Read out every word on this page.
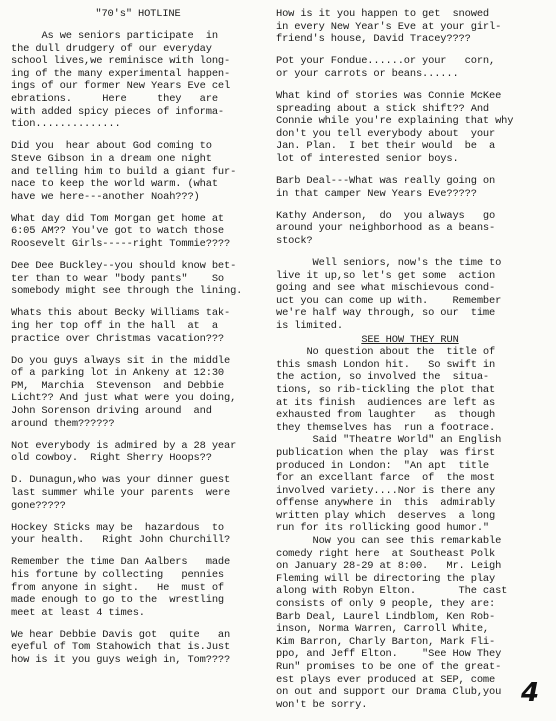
"70's" HOTLINE

As we seniors participate  in
the dull drudgery of our everyday
school lives,we reminisce with long-
ing of the many experimental happen-
ings of our former New Years Eve cel
ebrations.     Here     they   are
with added spicy pieces of informa-
tion..............

Did you  hear about God coming to
Steve Gibson in a dream one night
and telling him to build a giant fur-
nace to keep the world warm. (what
have we here---another Noah???)

What day did Tom Morgan get home at
6:05 AM?? You've got to watch those
Roosevelt Girls-----right Tommie????

Dee Dee Buckley--you should know bet-
ter than to wear "body pants"    So
somebody might see through the lining.

Whats this about Becky Williams tak-
ing her top off in the hall  at  a
practice over Christmas vacation???

Do you guys always sit in the middle
of a parking lot in Ankeny at 12:30
PM,  Marchia  Stevenson  and Debbie
Licht?? And just what were you doing,
John Sorenson driving around  and
around them??????

Not everybody is admired by a 28 year
old cowboy.  Right Sherry Hoops??

D. Dunagun,who was your dinner guest
last summer while your parents  were
gone?????

Hockey Sticks may be  hazardous  to
your health.   Right John Churchill?

Remember the time Dan Aalbers   made
his fortune by collecting   pennies
from anyone in sight.   He  must of
made enough to go to the  wrestling
meet at least 4 times.

We hear Debbie Davis got  quite   an
eyeful of Tom Stahowich that is.Just
how is it you guys weigh in, Tom????

How is it you happen to get  snowed
in every New Year's Eve at your girl-
friend's house, David Tracey????

Pot your Fondue......or your   corn,
or your carrots or beans......

What kind of stories was Connie McKee
spreading about a stick shift?? And
Connie while you're explaining that why
don't you tell everybody about  your
Jan. Plan.  I bet their would  be  a
lot of interested senior boys.

Barb Deal---What was really going on
in that camper New Years Eve?????

Kathy Anderson,  do  you always   go
around your neighborhood as a beans-
stock?

Well seniors, now's the time to
live it up,so let's get some  action
going and see what mischievous cond-
uct you can come up with.    Remember
we're half way through, so our  time
is limited.

SEE HOW THEY RUN

No question about the  title of
this smash London hit.   So swift in
the action, so involved the  situa-
tions, so rib-tickling the plot that
at its finish  audiences are left as
exhausted from laughter   as  though
they themselves has  run a footrace.
Said "Theatre World" an English
publication when the play  was first
produced in London:  "An apt  title
for an excellant farce  of  the most
involved variety....Nor is there any
offense anywhere in  this  admirably
written play which  deserves  a long
run for its rollicking good humor."
Now you can see this remarkable
comedy right here  at Southeast Polk
on January 28-29 at 8:00.   Mr. Leigh
Fleming will be directoring the play
along with Robyn Elton.       The cast
consists of only 9 people, they are:
Barb Deal, Laurel Lindblom, Ken Rob-
inson, Norma Warren, Carroll White,
Kim Barron, Charly Barton, Mark Fli-
ppo, and Jeff Elton.    "See How They
Run" promises to be one of the great-
est plays ever produced at SEP, come
on out and support our Drama Club,you
won't be sorry.	4
